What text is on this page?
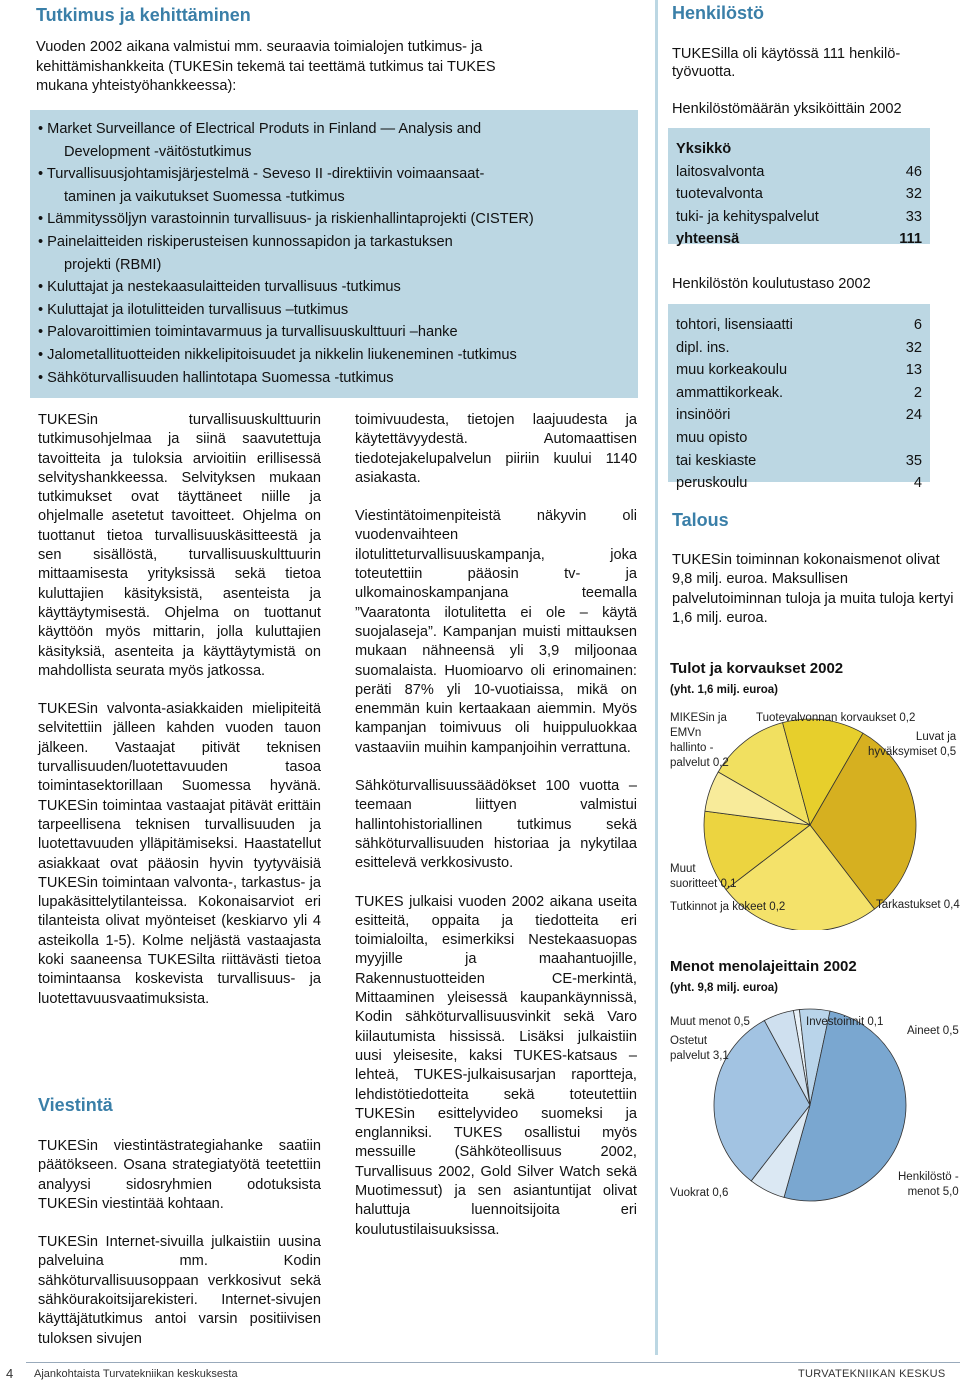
Tutkimus ja kehittäminen
Vuoden 2002 aikana valmistui mm. seuraavia toimialojen tutkimus- ja
kehittämishankkeita (TUKESin tekemä tai teettämä tutkimus tai TUKES
mukana yhteistyöhankkeessa):
• Market Surveillance of Electrical Produts in Finland — Analysis and
Development -väitöstutkimus
• Turvallisuusjohtamisjärjestelmä - Seveso II -direktiivin voimaansaat-
taminen ja vaikutukset Suomessa -tutkimus
• Lämmityssöljyn varastoinnin turvallisuus- ja riskienhallintaprojekti (CISTER)
• Painelaitteiden riskiperusteisen kunnossapidon ja tarkastuksen
projekti (RBMI)
• Kuluttajat ja nestekaasulaitteiden turvallisuus -tutkimus
• Kuluttajat ja ilotulitteiden turvallisuus –tutkimus
• Palovaroittimien toimintavarmuus ja turvallisuuskulttuuri –hanke
• Jalometallituotteiden nikkelipitoisuudet ja nikkelin liukeneminen -tutkimus
• Sähköturvallisuuden hallintotapa Suomessa -tutkimus

TUKESin turvallisuuskulttuurin tutkimusohjelmaa ja siinä saavutettuja tavoitteita ja tuloksia arvioitiin erillisessä selvityshankkeessa. Selvityksen mukaan tutkimukset ovat täyttäneet niille ja ohjelmalle asetetut tavoitteet. Ohjelma on tuottanut tietoa turvallisuuskäsitteestä ja sen sisällöstä, turvallisuuskulttuurin mittaamisesta yrityksissä sekä tietoa kuluttajien käsityksistä, asenteista ja käyttäytymisestä. Ohjelma on tuottanut käyttöön myös mittarin, jolla kuluttajien käsityksiä, asenteita ja käyttäytymistä on mahdollista seurata myös jatkossa.

TUKESin valvonta-asiakkaiden mielipiteitä selvitettiin jälleen kahden vuoden tauon jälkeen. Vastaajat pitivät teknisen turvallisuuden/luotettavuuden tasoa toimintasektorillaan Suomessa hyvänä. TUKESin toimintaa vastaajat pitävät erittäin tarpeellisena teknisen turvallisuuden ja luotettavuuden ylläpitämiseksi. Haastatellut asiakkaat ovat pääosin hyvin tyytyväisiä TUKESin toimintaan valvonta-, tarkastus- ja lupakäsittelytilanteissa. Kokonaisarviot eri tilanteista olivat myönteiset (keskiarvo yli 4 asteikolla 1-5). Kolme neljästä vastaajasta koki saaneensa TUKESilta riittävästi tietoa toimintaansa koskevista turvallisuus- ja luotettavuusvaatimuksista.

Viestintä

TUKESin viestintästrategiahanke saatiin päätökseen. Osana strategiatyötä teetettiin analyysi sidosryhmien odotuksista TUKESin viestintää kohtaan.

TUKESin Internet-sivuilla julkaistiin uusina palveluina mm. Kodin sähköturvallisuusoppaan verkkosivut sekä sähköurakoitsijarekisteri. Internet-sivujen käyttäjätutkimus antoi varsin positiivisen tuloksen sivujen

toimivuudesta, tietojen laajuudesta ja käytettävyydestä. Automaattisen tiedotejakelupalvelun piiriin kuului 1140 asiakasta.

Viestintätoimenpiteistä näkyvin oli vuodenvaihteen ilotulitteturvallisuuskampanja, joka toteutettiin pääosin tv- ja ulkomainoskampanjana teemalla ”Vaaratonta ilotulitetta ei ole – käytä suojalaseja”. Kampanjan muisti mittauksen mukaan nähneensä yli 3,9 miljoonaa suomalaista. Huomioarvo oli erinomainen: peräti 87% yli 10-vuotiaissa, mikä on enemmän kuin kertaakaan aiemmin. Myös kampanjan toimivuus oli huippuluokkaa vastaaviin muihin kampanjoihin verrattuna.

Sähköturvallisuussäädökset 100 vuotta –teemaan liittyen valmistui hallintohistoriallinen tutkimus sekä sähköturvallisuuden historiaa ja nykytilaa esittelevä verkkosivusto.

TUKES julkaisi vuoden 2002 aikana useita esitteitä, oppaita ja tiedotteita eri toimialoilta, esimerkiksi Nestekaasuopas myyjille ja maahantuojille, Rakennustuotteiden CE-merkintä, Mittaaminen yleisessä kaupankäynnissä, Kodin sähköturvallisuusvinkit sekä Varo kiilautumista hississä. Lisäksi julkaistiin uusi yleisesite, kaksi TUKES-katsaus –lehteä, TUKES-julkaisusarjan raportteja, lehdistötiedotteita sekä toteutettiin TUKESin esittelyvideo suomeksi ja englanniksi. TUKES osallistui myös messuille (Sähköteollisuus 2002, Turvallisuus 2002, Gold Silver Watch sekä Muotimessut) ja sen asiantuntijat olivat haluttuja luennoitsijoita eri koulutustilaisuuksissa.

Henkilöstö
TUKESilla oli käytössä 111 henkilö-
työvuotta.
Henkilöstömäärän yksiköittäin 2002
Yksikkö
laitosvalvonta	46
tuotevalvonta	32
tuki- ja kehityspalvelut	33
yhteensä	111
Henkilöstön koulutustaso 2002
tohtori, lisensiaatti	6
dipl. ins.	32
muu korkeakoulu	13
ammattikorkeak.	2
insinööri	24
muu opisto
tai keskiaste	35
peruskoulu	4
Talous
TUKESin toiminnan kokonaismenot olivat 9,8 milj. euroa. Maksullisen palvelutoiminnan tuloja ja muita tuloja kertyi 1,6 milj. euroa.
Tulot ja korvaukset 2002
(yht. 1,6 milj. euroa)
MIKESin ja
EMVn
hallinto -
palvelut 0,2
Tuotevalvonnan korvaukset 0,2
Luvat ja
hyväksymiset 0,5
Tarkastukset 0,4
Tutkinnot ja kokeet 0,2
Muut
suoritteet 0,1
Menot menolajeittain 2002
(yht. 9,8 milj. euroa)
Investoinnit 0,1
Aineet 0,5
Henkilöstö -
menot 5,0
Vuokrat 0,6
Ostetut
palvelut 3,1
Muut menot 0,5
4 Ajankohtaista Turvatekniikan keskuksesta	TURVATEKNIIKAN KESKUS
